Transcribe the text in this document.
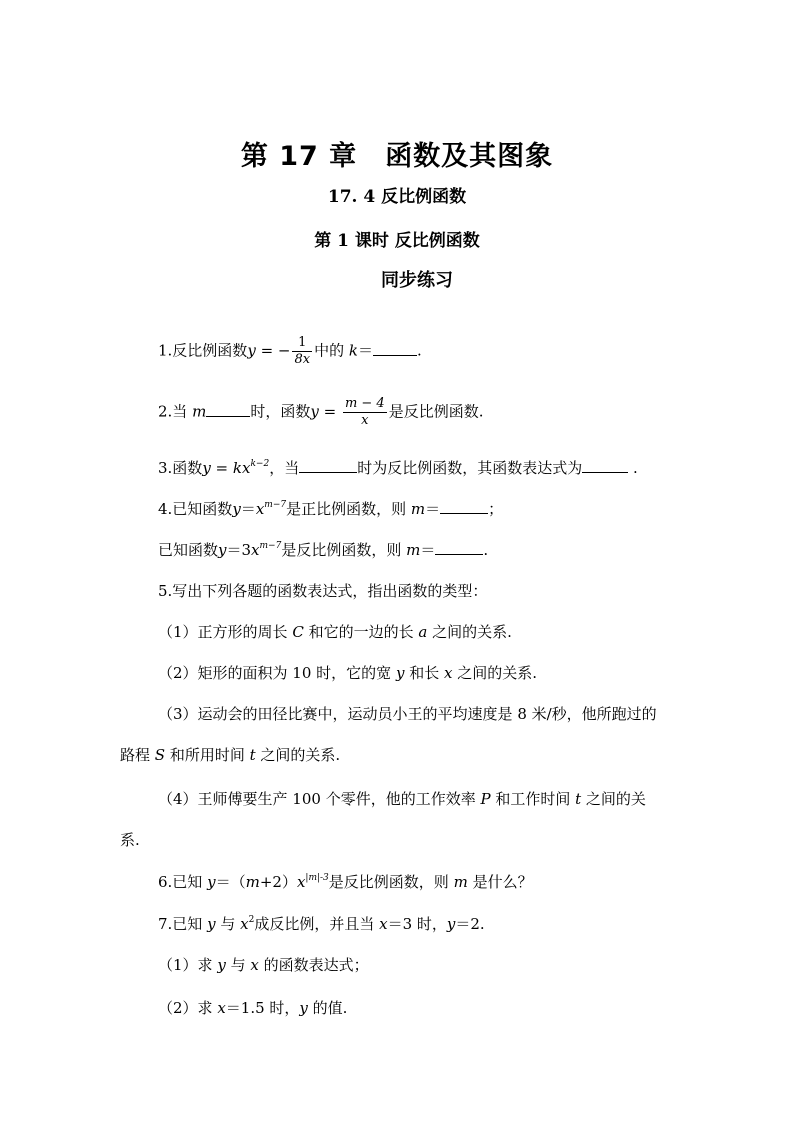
第 17 章 函数及其图象
17. 4 反比例函数
第 1 课时 反比例函数
同步练习
1.反比例函数y = − $\frac{1}{8x}$ 中的 k＝	.
2.当 m	时，函数$y = \frac{m - 4}{x}$ 是反比例函数.
3.函数$y = kx^{k-2}$，当	时为反比例函数，其函数表达式为	.
4.已知函数$y=x^{m-7}$是正比例函数，则 m＝	；
已知函数$y=3x^{m-7}$是反比例函数，则 m＝	.
5.写出下列各题的函数表达式，指出函数的类型：
（1）正方形的周长 C 和它的一边的长 a 之间的关系.
（2）矩形的面积为 10 时，它的宽 y 和长 x 之间的关系.
（3）运动会的田径比赛中，运动员小王的平均速度是 8 米/秒，他所跑过的
路程 S 和所用时间 t 之间的关系.
（4）王师傅要生产 100 个零件，他的工作效率 P 和工作时间 t 之间的关
系.
6.已知 $y=(m+2)x^{|m|-3}$是反比例函数，则 m 是什么？
7.已知 y 与 $x^2$成反比例，并且当 x＝3 时，y＝2.
（1）求 y 与 x 的函数表达式；
（2）求 x＝1.5 时，y 的值.
